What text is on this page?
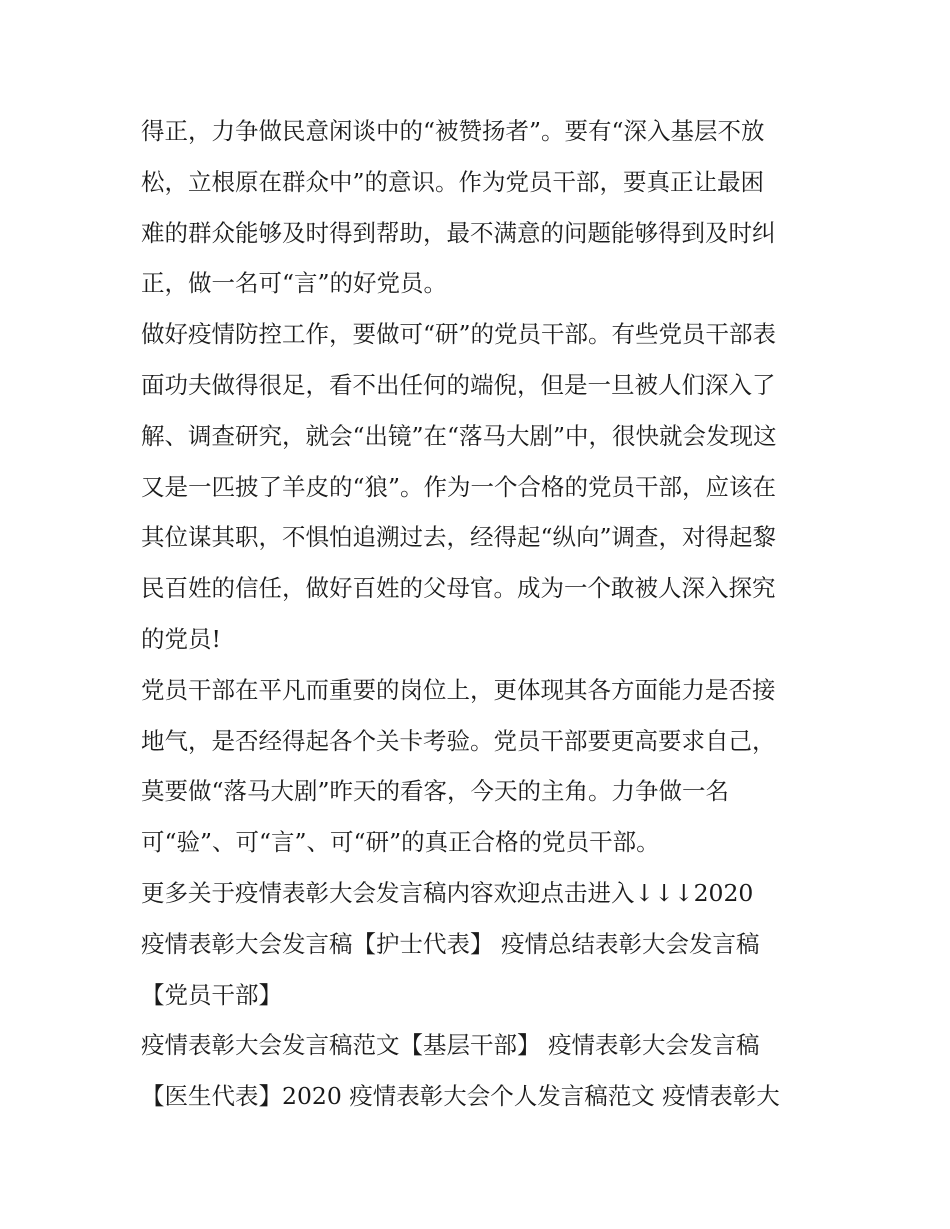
得正，力争做民意闲谈中的“被赞扬者”。要有“深入基层不放
松，立根原在群众中”的意识。作为党员干部，要真正让最困
难的群众能够及时得到帮助，最不满意的问题能够得到及时纠
正，做一名可“言”的好党员。
做好疫情防控工作，要做可“研”的党员干部。有些党员干部表
面功夫做得很足，看不出任何的端倪，但是一旦被人们深入了
解、调查研究，就会“出镜”在“落马大剧”中，很快就会发现这
又是一匹披了羊皮的“狼”。作为一个合格的党员干部，应该在
其位谋其职，不惧怕追溯过去，经得起“纵向”调查，对得起黎
民百姓的信任，做好百姓的父母官。成为一个敢被人深入探究
的党员!
党员干部在平凡而重要的岗位上，更体现其各方面能力是否接
地气，是否经得起各个关卡考验。党员干部要更高要求自己，
莫要做“落马大剧”昨天的看客，今天的主角。力争做一名
可“验”、可“言”、可“研”的真正合格的党员干部。
更多关于疫情表彰大会发言稿内容欢迎点击进入↓↓↓2020
疫情表彰大会发言稿【护士代表】 疫情总结表彰大会发言稿
【党员干部】
疫情表彰大会发言稿范文【基层干部】 疫情表彰大会发言稿
【医生代表】2020 疫情表彰大会个人发言稿范文 疫情表彰大
